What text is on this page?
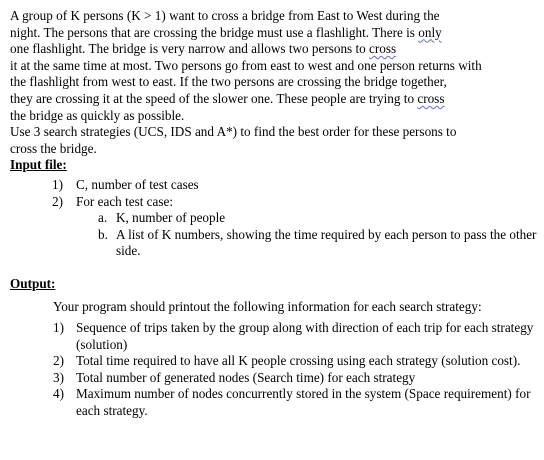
A group of K persons (K > 1) want to cross a bridge from East to West during the
night. The persons that are crossing the bridge must use a flashlight. There is only
one flashlight. The bridge is very narrow and allows two persons to cross
it at the same time at most. Two persons go from east to west and one person returns with
the flashlight from west to east. If the two persons are crossing the bridge together,
they are crossing it at the speed of the slower one. These people are trying to cross
the bridge as quickly as possible.
Use 3 search strategies (UCS, IDS and A*) to find the best order for these persons to
cross the bridge.
Input file:
1) C, number of test cases
2) For each test case:
a. K, number of people
b. A list of K numbers, showing the time required by each person to pass the other side.
Output:
Your program should printout the following information for each search strategy:
1) Sequence of trips taken by the group along with direction of each trip for each strategy (solution)
2) Total time required to have all K people crossing using each strategy (solution cost).
3) Total number of generated nodes (Search time) for each strategy
4) Maximum number of nodes concurrently stored in the system (Space requirement) for each strategy.
